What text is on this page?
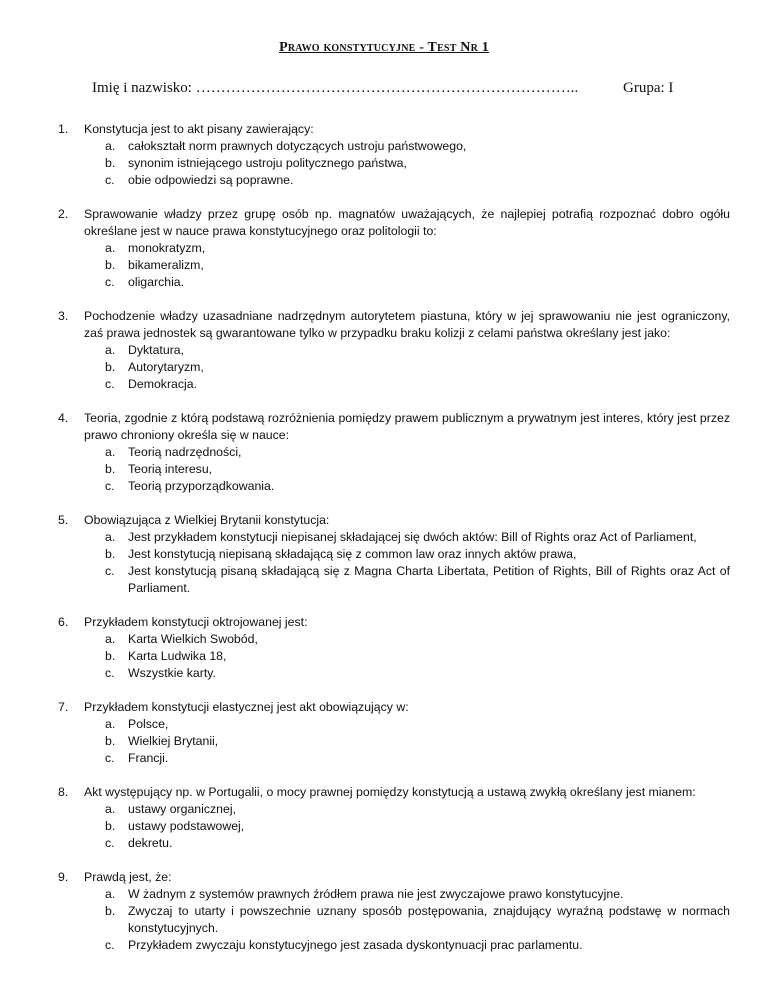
Prawo konstytucyjne - Test Nr 1
Imię i nazwisko: …………………………………………………………………..	Grupa: I
1. Konstytucja jest to akt pisany zawierający:
a. całokształt norm prawnych dotyczących ustroju państwowego,
b. synonim istniejącego ustroju politycznego państwa,
c. obie odpowiedzi są poprawne.
2. Sprawowanie władzy przez grupę osób np. magnatów uważających, że najlepiej potrafią rozpoznać dobro ogółu określane jest w nauce prawa konstytucyjnego oraz politologii to:
a. monokratyzm,
b. bikameralizm,
c. oligarchia.
3. Pochodzenie władzy uzasadniane nadrzędnym autorytetem piastuna, który w jej sprawowaniu nie jest ograniczony, zaś prawa jednostek są gwarantowane tylko w przypadku braku kolizji z celami państwa określany jest jako:
a. Dyktatura,
b. Autorytaryzm,
c. Demokracja.
4. Teoria, zgodnie z którą podstawą rozróżnienia pomiędzy prawem publicznym a prywatnym jest interes, który jest przez prawo chroniony określa się w nauce:
a. Teorią nadrzędności,
b. Teorią interesu,
c. Teorią przyporządkowania.
5. Obowiązująca z Wielkiej Brytanii konstytucja:
a. Jest przykładem konstytucji niepisanej składającej się dwóch aktów: Bill of Rights oraz Act of Parliament,
b. Jest konstytucją niepisaną składającą się z common law oraz innych aktów prawa,
c. Jest konstytucją pisaną składającą się z Magna Charta Libertata, Petition of Rights, Bill of Rights oraz Act of Parliament.
6. Przykładem konstytucji oktrojowanej jest:
a. Karta Wielkich Swobód,
b. Karta Ludwika 18,
c. Wszystkie karty.
7. Przykładem konstytucji elastycznej jest akt obowiązujący w:
a. Polsce,
b. Wielkiej Brytanii,
c. Francji.
8. Akt występujący np. w Portugalii, o mocy prawnej pomiędzy konstytucją a ustawą zwykłą określany jest mianem:
a. ustawy organicznej,
b. ustawy podstawowej,
c. dekretu.
9. Prawdą jest, że:
a. W żadnym z systemów prawnych źródłem prawa nie jest zwyczajowe prawo konstytucyjne.
b. Zwyczaj to utarty i powszechnie uznany sposób postępowania, znajdujący wyraźną podstawę w normach konstytucyjnych.
c. Przykładem zwyczaju konstytucyjnego jest zasada dyskontynuacji prac parlamentu.
